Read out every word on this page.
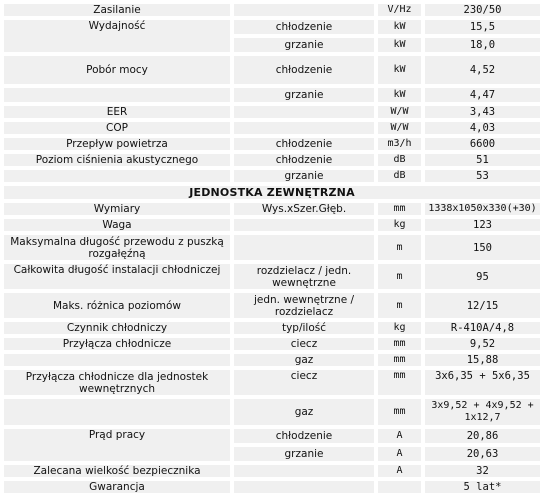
Zasilanie		V/Hz	230/50
Wydajność	chłodzenie	kW	15,5
	grzanie	kW	18,0
Pobór mocy	chłodzenie	kW	4,52
	grzanie	kW	4,47
EER		W/W	3,43
COP		W/W	4,03
Przepływ powietrza	chłodzenie	m3/h	6600
Poziom ciśnienia akustycznego	chłodzenie	dB	51
	grzanie	dB	53
JEDNOSTKA ZEWNĘTRZNA			
Wymiary	Wys.xSzer.Głęb.	mm	1338x1050x330(+30)
Waga		kg	123
Maksymalna długość przewodu z puszką rozgałęźną		m	150
Całkowita długość instalacji chłodniczej	rozdzielacz / jedn. wewnętrzne	m	95
Maks. różnica poziomów	jedn. wewnętrzne / rozdzielacz	m	12/15
Czynnik chłodniczy	typ/ilość	kg	R-410A/4,8
Przyłącza chłodnicze	ciecz	mm	9,52
	gaz	mm	15,88
Przyłącza chłodnicze dla jednostek wewnętrznych	ciecz	mm	3x6,35 + 5x6,35
	gaz	mm	3x9,52 + 4x9,52 + 1x12,7
Prąd pracy	chłodzenie	A	20,86
	grzanie	A	20,63
Zalecana wielkość bezpiecznika		A	32
Gwarancja			5 lat*
